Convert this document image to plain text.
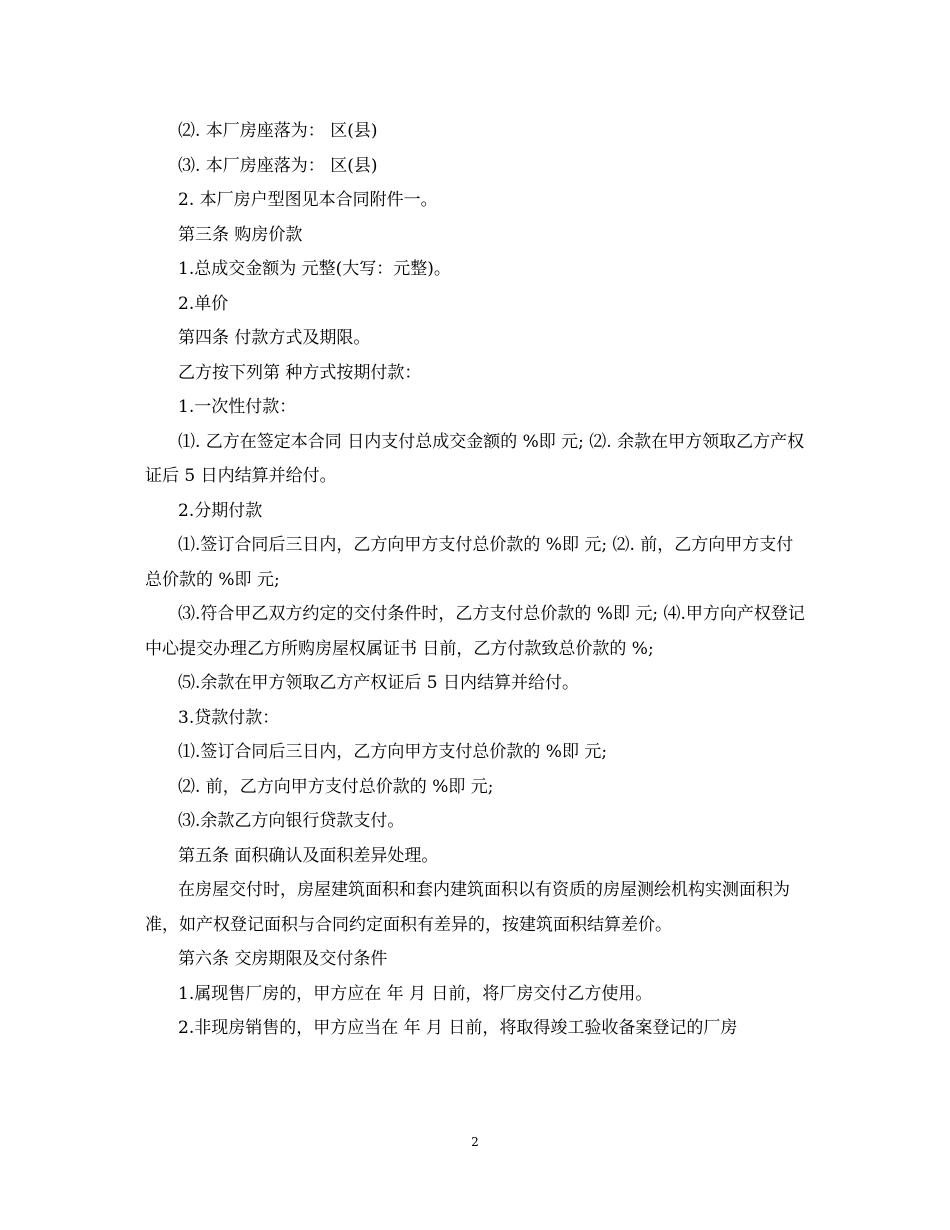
⑵. 本厂房座落为： 区(县)

⑶. 本厂房座落为： 区(县)

2. 本厂房户型图见本合同附件一。

第三条 购房价款

1.总成交金额为 元整(大写：元整)。

2.单价

第四条 付款方式及期限。

乙方按下列第 种方式按期付款：

1.一次性付款：

⑴. 乙方在签定本合同 日内支付总成交金额的 %即 元; ⑵. 余款在甲方领取乙方产权证后 5 日内结算并给付。

2.分期付款

⑴.签订合同后三日内，乙方向甲方支付总价款的 %即 元; ⑵. 前，乙方向甲方支付总价款的 %即 元;

⑶.符合甲乙双方约定的交付条件时，乙方支付总价款的 %即 元; ⑷.甲方向产权登记中心提交办理乙方所购房屋权属证书 日前，乙方付款致总价款的 %;

⑸.余款在甲方领取乙方产权证后 5 日内结算并给付。

3.贷款付款：

⑴.签订合同后三日内，乙方向甲方支付总价款的 %即 元;

⑵. 前，乙方向甲方支付总价款的 %即 元;

⑶.余款乙方向银行贷款支付。

第五条 面积确认及面积差异处理。

在房屋交付时，房屋建筑面积和套内建筑面积以有资质的房屋测绘机构实测面积为准，如产权登记面积与合同约定面积有差异的，按建筑面积结算差价。

第六条 交房期限及交付条件

1.属现售厂房的，甲方应在 年 月 日前，将厂房交付乙方使用。

2.非现房销售的，甲方应当在 年 月 日前，将取得竣工验收备案登记的厂房

2
